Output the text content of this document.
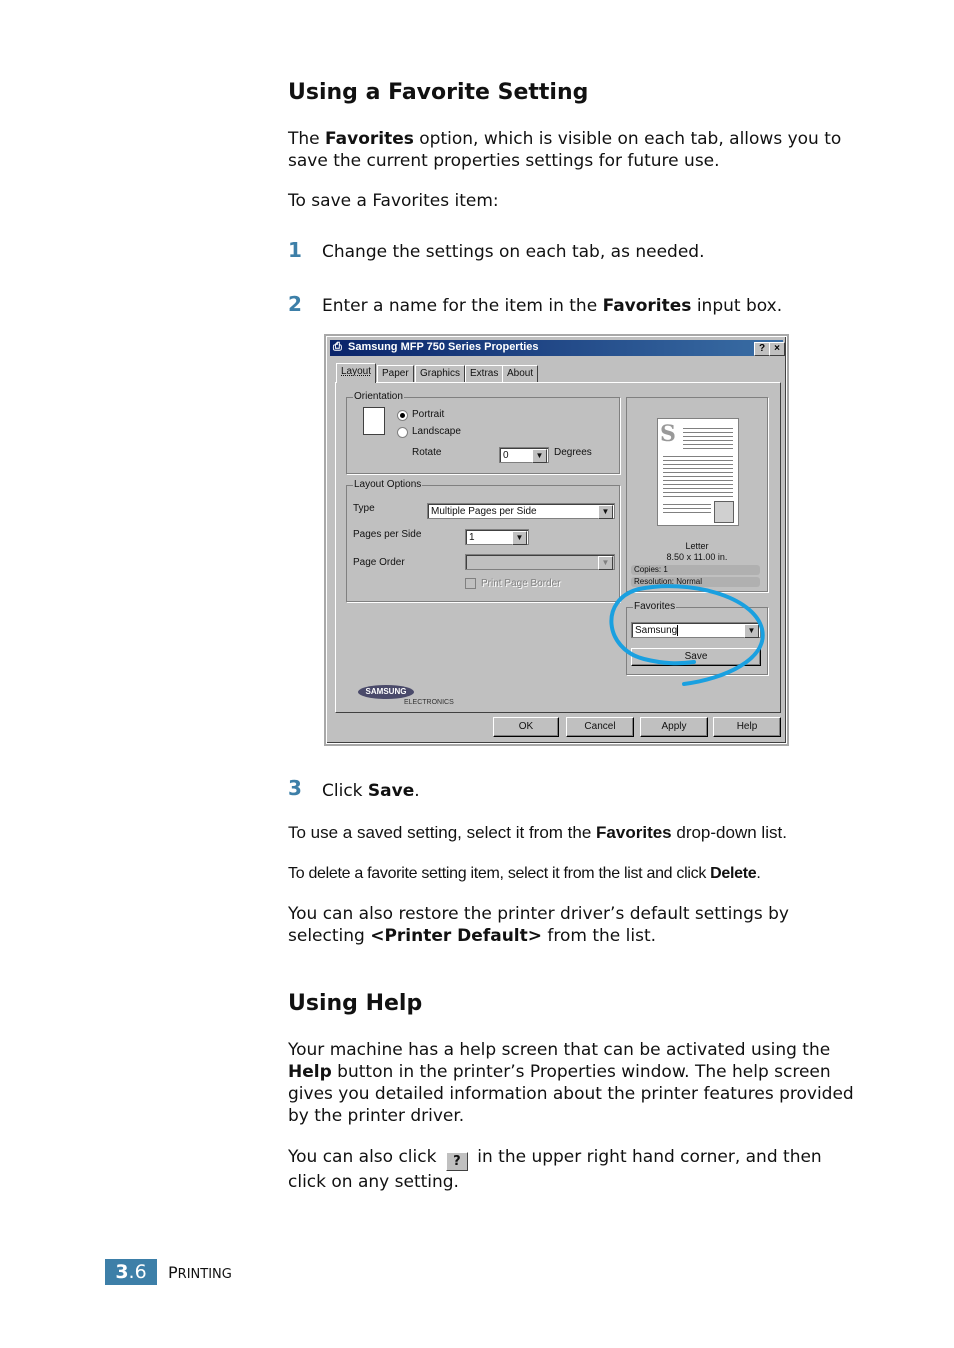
Using a Favorite Setting

The Favorites option, which is visible on each tab, allows you to save the current properties settings for future use.

To save a Favorites item:

1 Change the settings on each tab, as needed.
2 Enter a name for the item in the Favorites input box.
⎙ Samsung MFP 750 Series Properties	? ×
Layout	Paper	Graphics Extras About
Orientation
Portrait
Landscape
Rotate	0	▼	Degrees
Layout Options
Type	Multiple Pages per Side	▼
Pages per Side	1	▼
Page Order	▼
Print Page Border
S
Letter
8.50 x 11.00 in.
Copies: 1
Resolution: Normal
Favorites
Samsung	▼
Save
SAMSUNG
ELECTRONICS
OK	Cancel	Apply	Help
3 Click Save.

To use a saved setting, select it from the Favorites drop-down list.

To delete a favorite setting item, select it from the list and click Delete.

You can also restore the printer driver’s default settings by selecting <Printer Default> from the list.

Using Help

Your machine has a help screen that can be activated using the Help button in the printer’s Properties window. The help screen gives you detailed information about the printer features provided by the printer driver.

You can also click ? in the upper right hand corner, and then click on any setting.

3.6	PRINTING
